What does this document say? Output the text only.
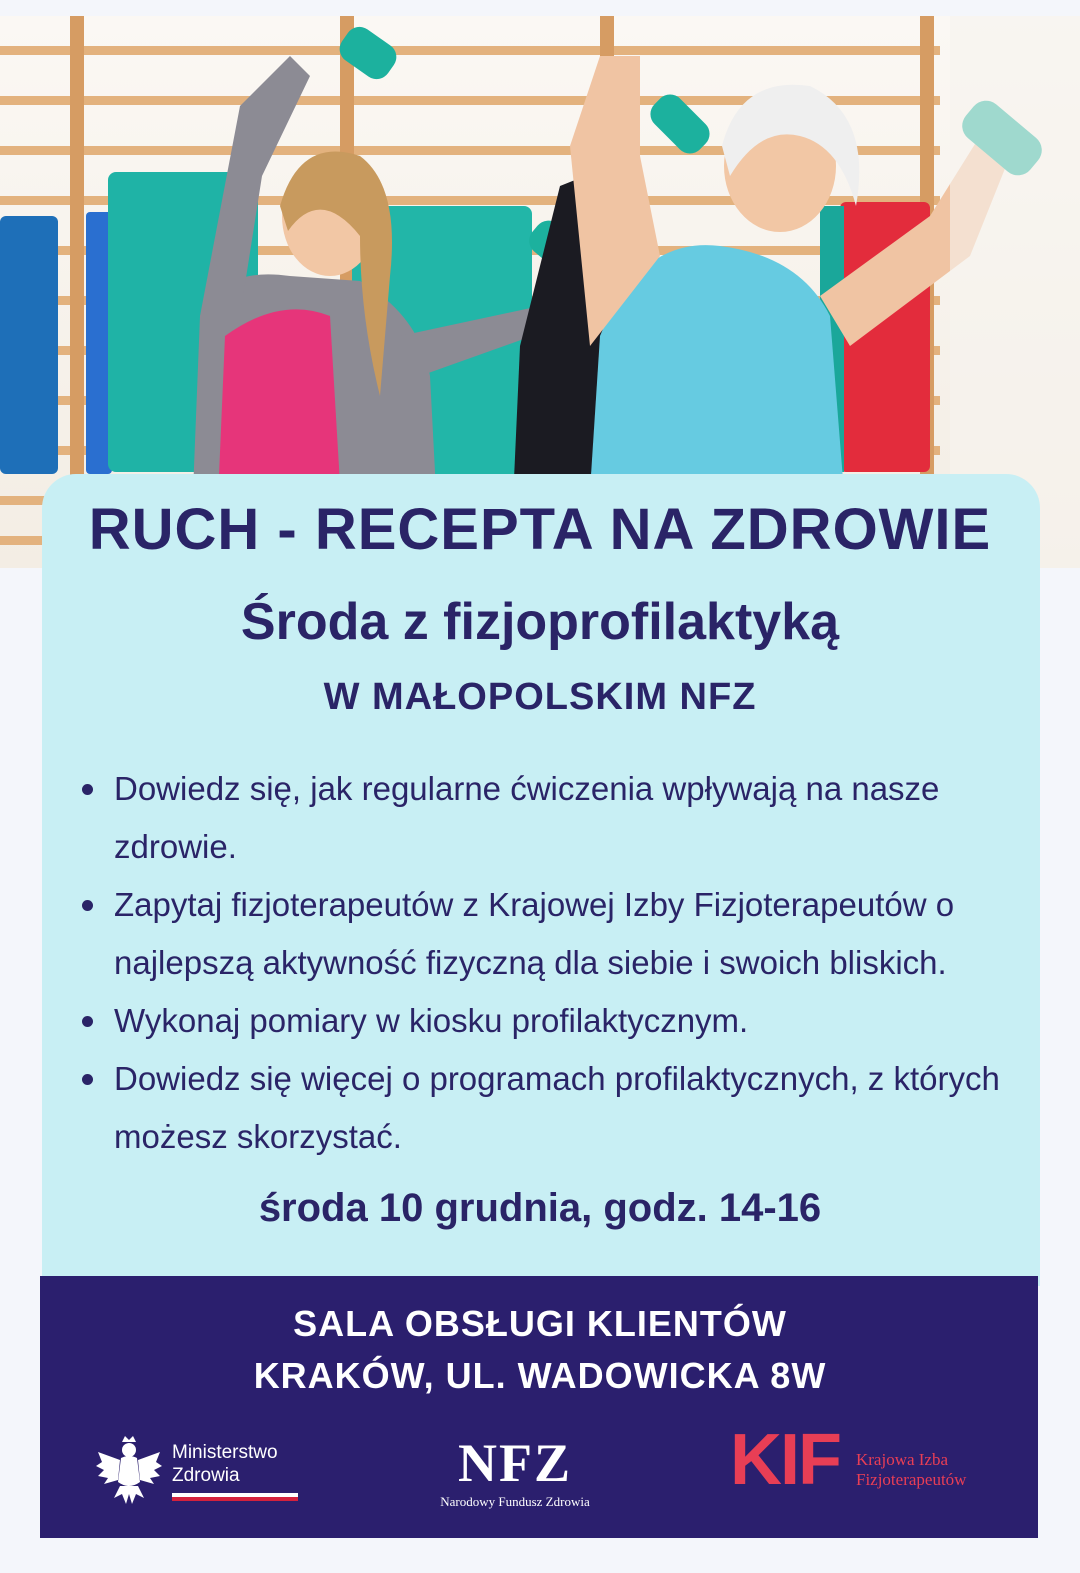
RUCH - RECEPTA NA ZDROWIE
Środa z fizjoprofilaktyką
W MAŁOPOLSKIM NFZ
Dowiedz się, jak regularne ćwiczenia wpływają na nasze zdrowie.
Zapytaj fizjoterapeutów z Krajowej Izby Fizjoterapeutów o najlepszą aktywność fizyczną dla siebie i swoich bliskich.
Wykonaj pomiary w kiosku profilaktycznym.
Dowiedz się więcej o programach profilaktycznych, z których możesz skorzystać.
środa 10 grudnia, godz. 14-16
SALA OBSŁUGI KLIENTÓW
KRAKÓW, UL. WADOWICKA 8W
Ministerstwo
Zdrowia	NFZ
Narodowy Fundusz Zdrowia
KIF Krajowa Izba
Fizjoterapeutów
